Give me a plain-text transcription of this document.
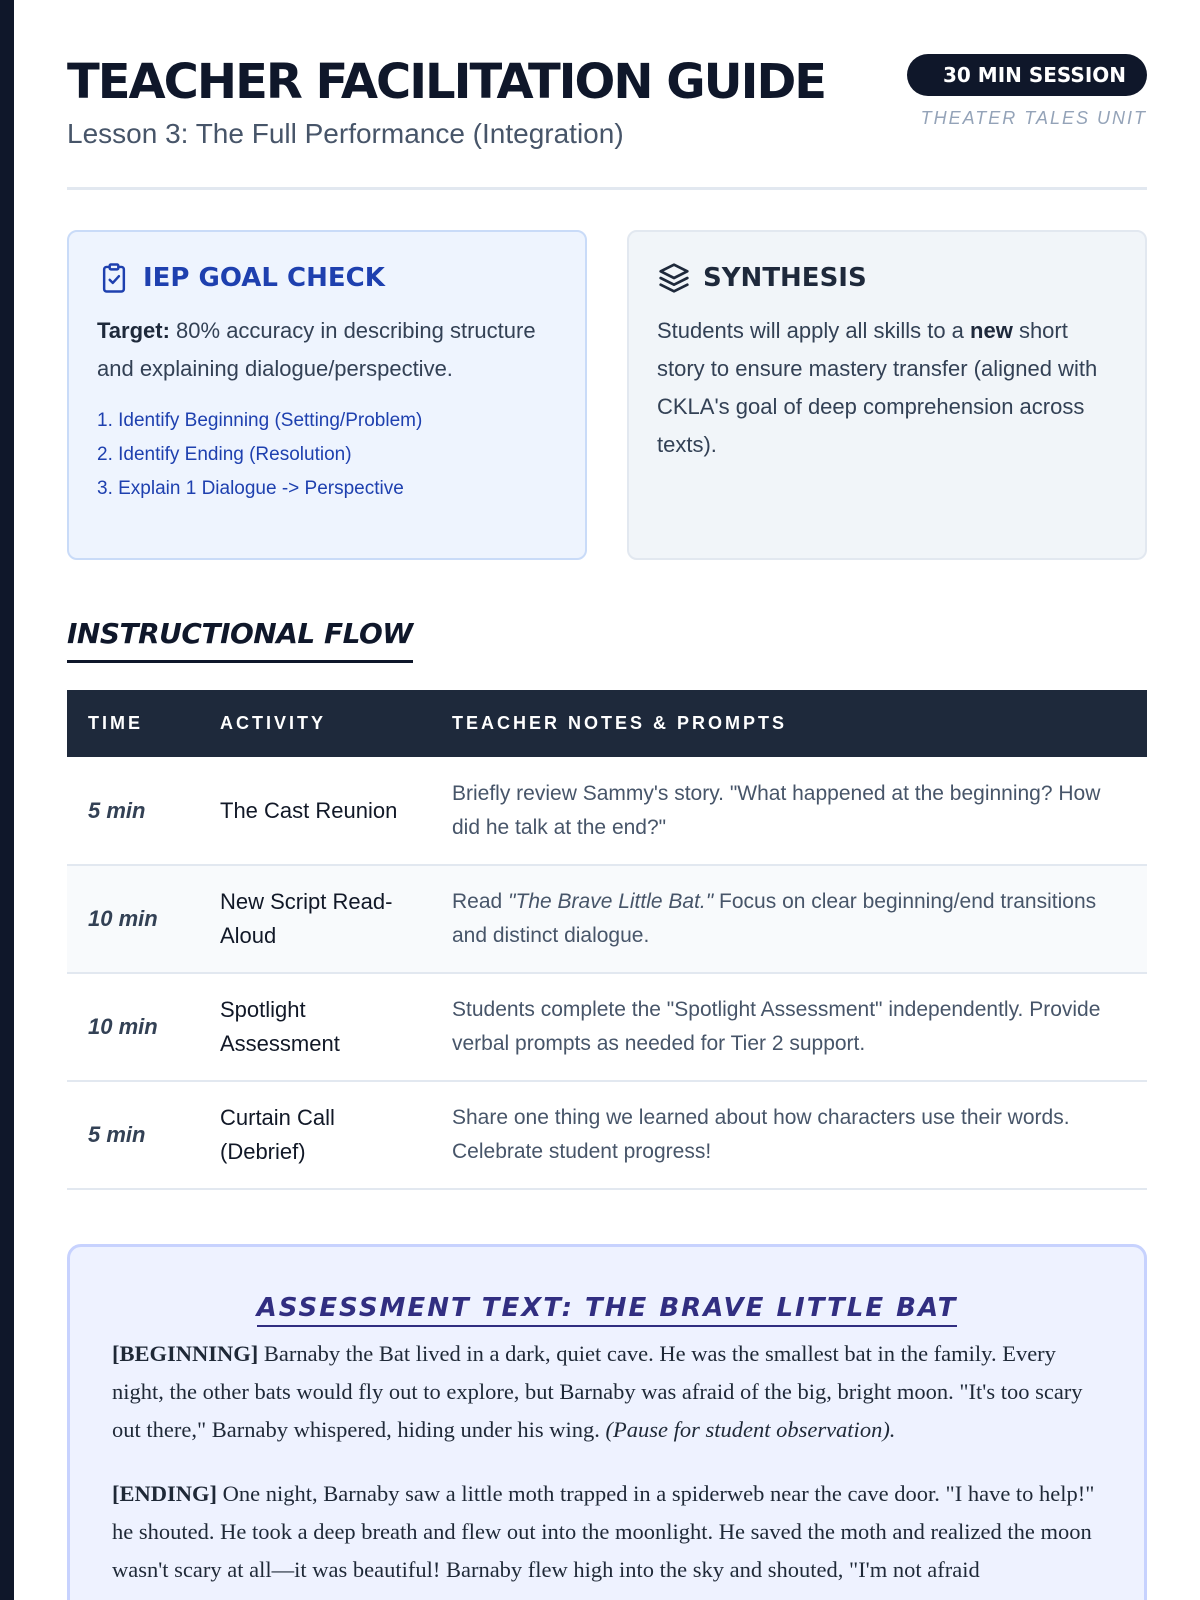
TEACHER FACILITATION GUIDE
Lesson 3: The Full Performance (Integration)
30 MIN SESSION
THEATER TALES UNIT
IEP GOAL CHECK

Target: 80% accuracy in describing structure and explaining dialogue/perspective.

1. Identify Beginning (Setting/Problem)
2. Identify Ending (Resolution)
3. Explain 1 Dialogue -> Perspective
SYNTHESIS

Students will apply all skills to a new short story to ensure mastery transfer (aligned with CKLA's goal of deep comprehension across texts).

INSTRUCTIONAL FLOW
TIME	ACTIVITY	TEACHER NOTES & PROMPTS
5 min	The Cast Reunion	Briefly review Sammy's story. "What happened at the beginning? How did he talk at the end?"
10 min	New Script Read-Aloud	Read "The Brave Little Bat." Focus on clear beginning/end transitions and distinct dialogue.
10 min	Spotlight Assessment	Students complete the "Spotlight Assessment" independently. Provide verbal prompts as needed for Tier 2 support.
5 min	Curtain Call (Debrief)	Share one thing we learned about how characters use their words. Celebrate student progress!
ASSESSMENT TEXT: THE BRAVE LITTLE BAT

[BEGINNING] Barnaby the Bat lived in a dark, quiet cave. He was the smallest bat in the family. Every night, the other bats would fly out to explore, but Barnaby was afraid of the big, bright moon. "It's too scary out there," Barnaby whispered, hiding under his wing. (Pause for student observation).

[ENDING] One night, Barnaby saw a little moth trapped in a spiderweb near the cave door. "I have to help!" he shouted. He took a deep breath and flew out into the moonlight. He saved the moth and realized the moon wasn't scary at all—it was beautiful! Barnaby flew high into the sky and shouted, "I'm not afraid
